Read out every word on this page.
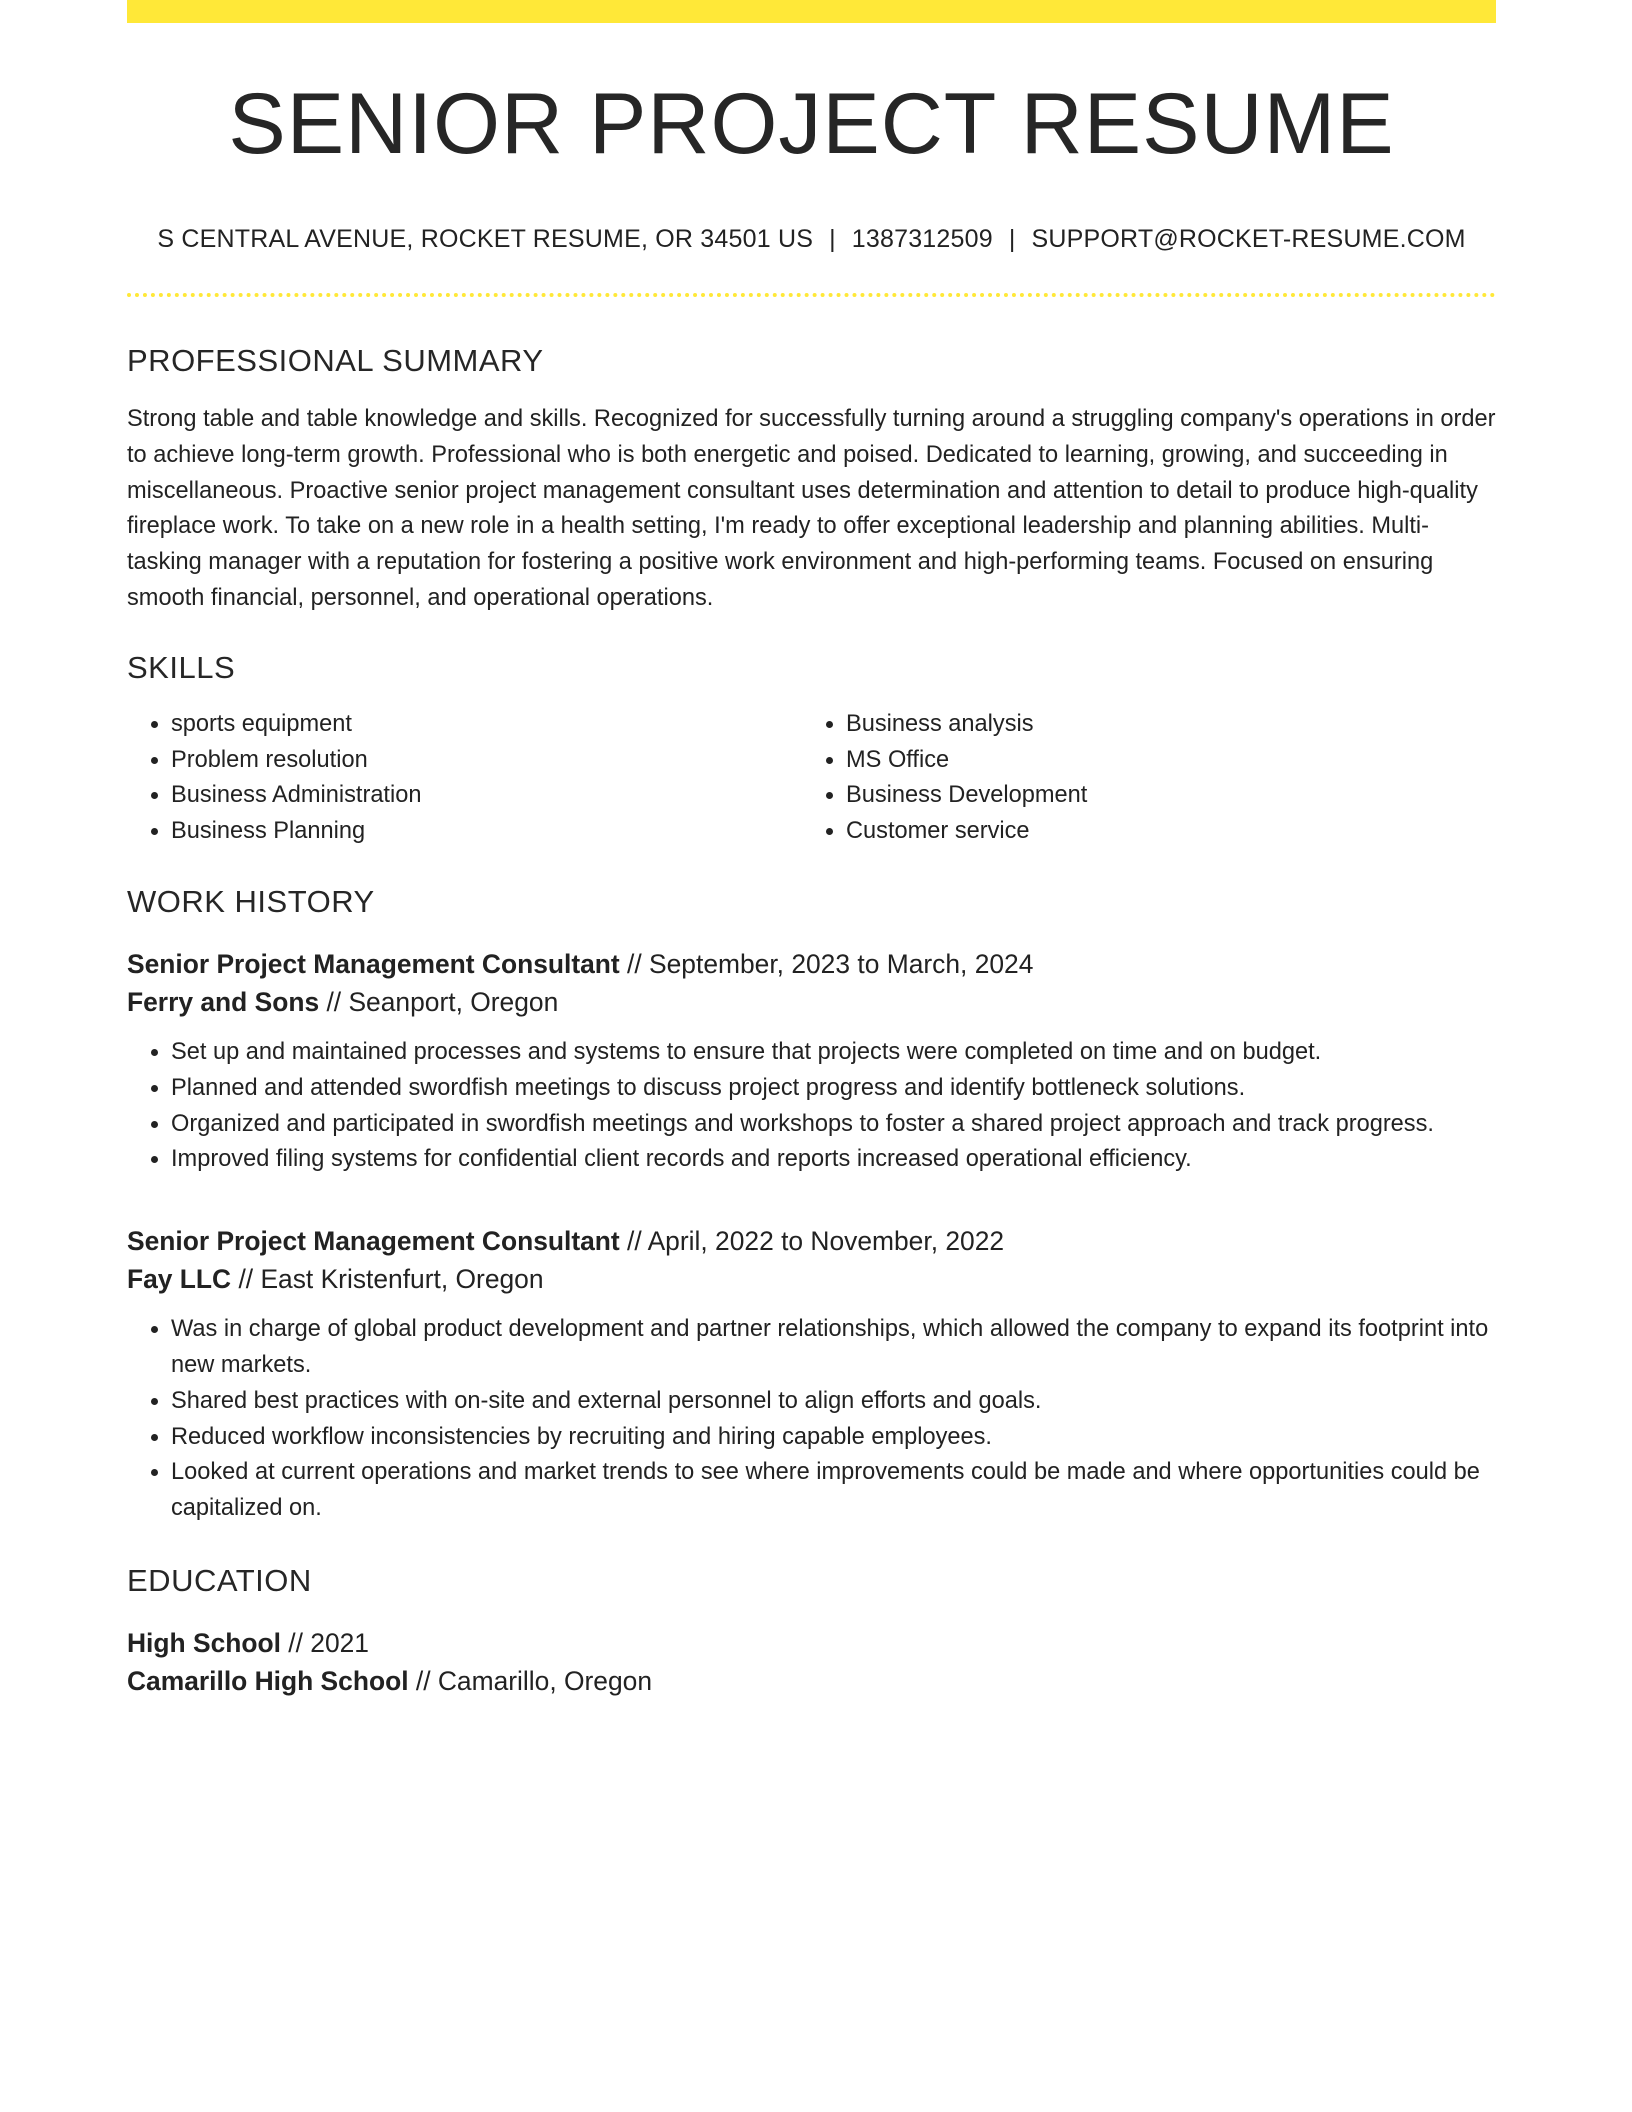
SENIOR PROJECT RESUME
S CENTRAL AVENUE, ROCKET RESUME, OR 34501 US | 1387312509 | SUPPORT@ROCKET-RESUME.COM
PROFESSIONAL SUMMARY

Strong table and table knowledge and skills. Recognized for successfully turning around a struggling company's operations in order to achieve long-term growth. Professional who is both energetic and poised. Dedicated to learning, growing, and succeeding in miscellaneous. Proactive senior project management consultant uses determination and attention to detail to produce high-quality fireplace work. To take on a new role in a health setting, I'm ready to offer exceptional leadership and planning abilities. Multi-tasking manager with a reputation for fostering a positive work environment and high-performing teams. Focused on ensuring smooth financial, personnel, and operational operations.

SKILLS
• sports equipment
• Problem resolution
• Business Administration
• Business Planning
• Business analysis
• MS Office
• Business Development
• Customer service
WORK HISTORY
Senior Project Management Consultant // September, 2023 to March, 2024
Ferry and Sons // Seanport, Oregon
• Set up and maintained processes and systems to ensure that projects were completed on time and on budget.
• Planned and attended swordfish meetings to discuss project progress and identify bottleneck solutions.
• Organized and participated in swordfish meetings and workshops to foster a shared project approach and track progress.
• Improved filing systems for confidential client records and reports increased operational efficiency.
Senior Project Management Consultant // April, 2022 to November, 2022
Fay LLC // East Kristenfurt, Oregon
• Was in charge of global product development and partner relationships, which allowed the company to expand its footprint into new markets.
• Shared best practices with on-site and external personnel to align efforts and goals.
• Reduced workflow inconsistencies by recruiting and hiring capable employees.
• Looked at current operations and market trends to see where improvements could be made and where opportunities could be capitalized on.
EDUCATION
High School // 2021
Camarillo High School // Camarillo, Oregon
